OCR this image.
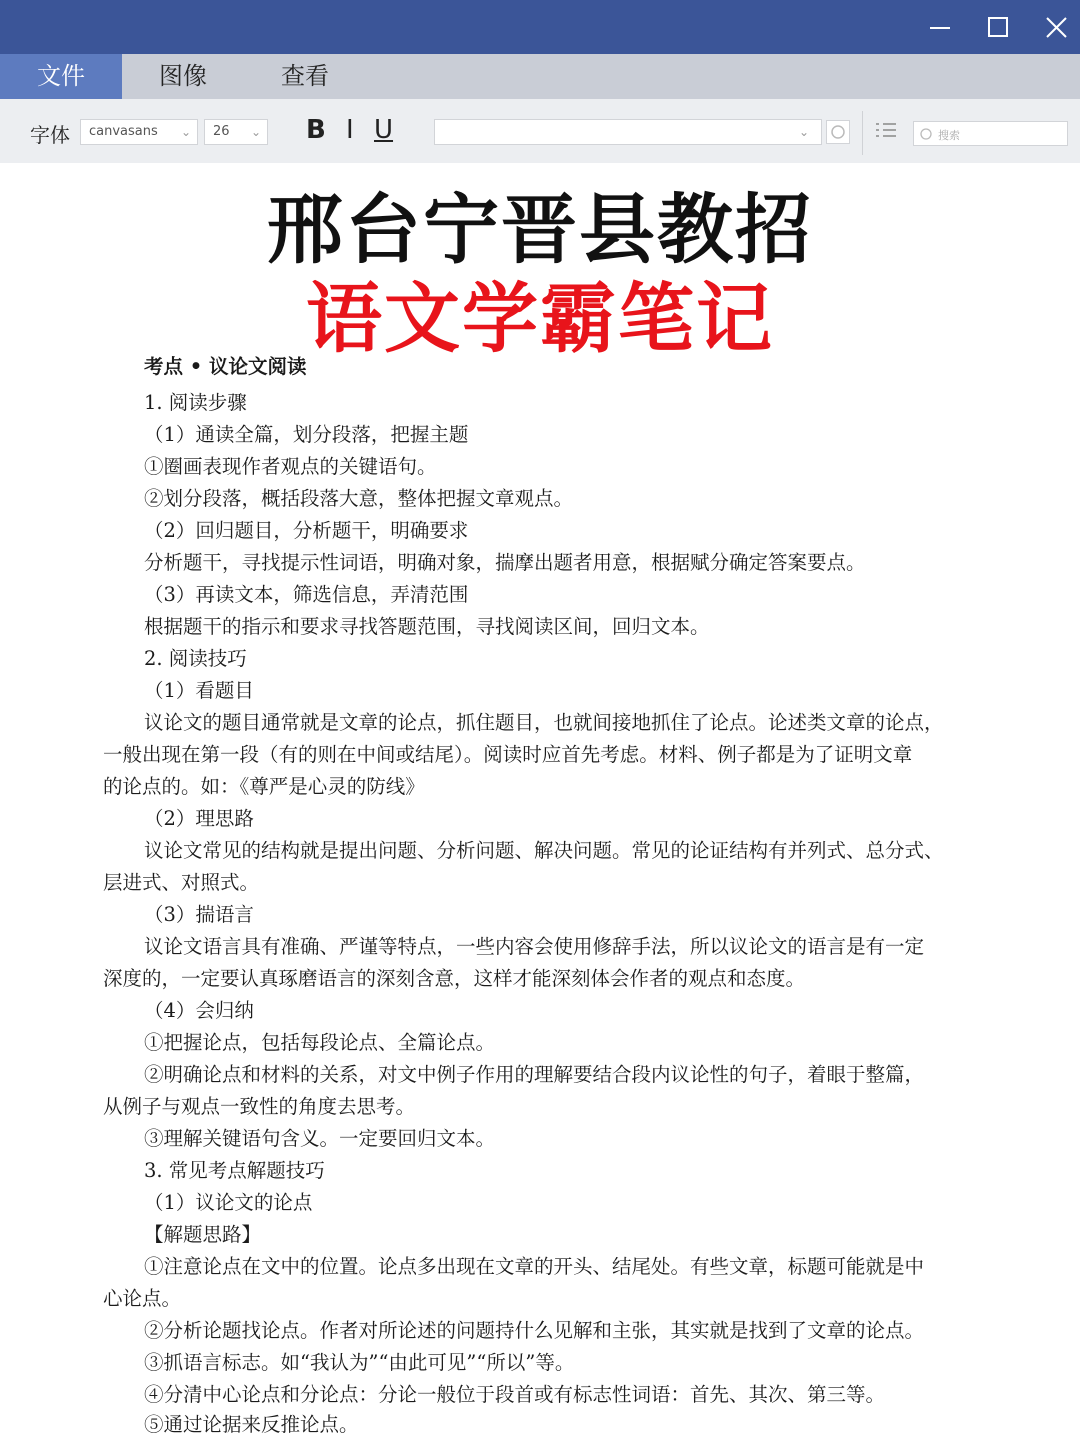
文件	图像	查看
字体	canvasans ⌄	26 ⌄ B I U	⌄	搜索
邢台宁晋县教招
语文学霸笔记
考点 • 议论文阅读
1. 阅读步骤
（1）通读全篇，划分段落，把握主题
①圈画表现作者观点的关键语句。
②划分段落，概括段落大意，整体把握文章观点。
（2）回归题目，分析题干，明确要求
分析题干，寻找提示性词语，明确对象，揣摩出题者用意，根据赋分确定答案要点。
（3）再读文本，筛选信息，弄清范围
根据题干的指示和要求寻找答题范围，寻找阅读区间，回归文本。
2. 阅读技巧
（1）看题目
议论文的题目通常就是文章的论点，抓住题目，也就间接地抓住了论点。论述类文章的论点，
一般出现在第一段（有的则在中间或结尾）。阅读时应首先考虑。材料、例子都是为了证明文章
的论点的。如：《尊严是心灵的防线》
（2）理思路
议论文常见的结构就是提出问题、分析问题、解决问题。常见的论证结构有并列式、总分式、
层进式、对照式。
（3）揣语言
议论文语言具有准确、严谨等特点，一些内容会使用修辞手法，所以议论文的语言是有一定
深度的，一定要认真琢磨语言的深刻含意，这样才能深刻体会作者的观点和态度。
（4）会归纳
①把握论点，包括每段论点、全篇论点。
②明确论点和材料的关系，对文中例子作用的理解要结合段内议论性的句子，着眼于整篇，
从例子与观点一致性的角度去思考。
③理解关键语句含义。一定要回归文本。
3. 常见考点解题技巧
（1）议论文的论点
【解题思路】
①注意论点在文中的位置。论点多出现在文章的开头、结尾处。有些文章，标题可能就是中
心论点。
②分析论题找论点。作者对所论述的问题持什么见解和主张，其实就是找到了文章的论点。
③抓语言标志。如“我认为”“由此可见”“所以”等。
④分清中心论点和分论点：分论一般位于段首或有标志性词语：首先、其次、第三等。
⑤通过论据来反推论点。
